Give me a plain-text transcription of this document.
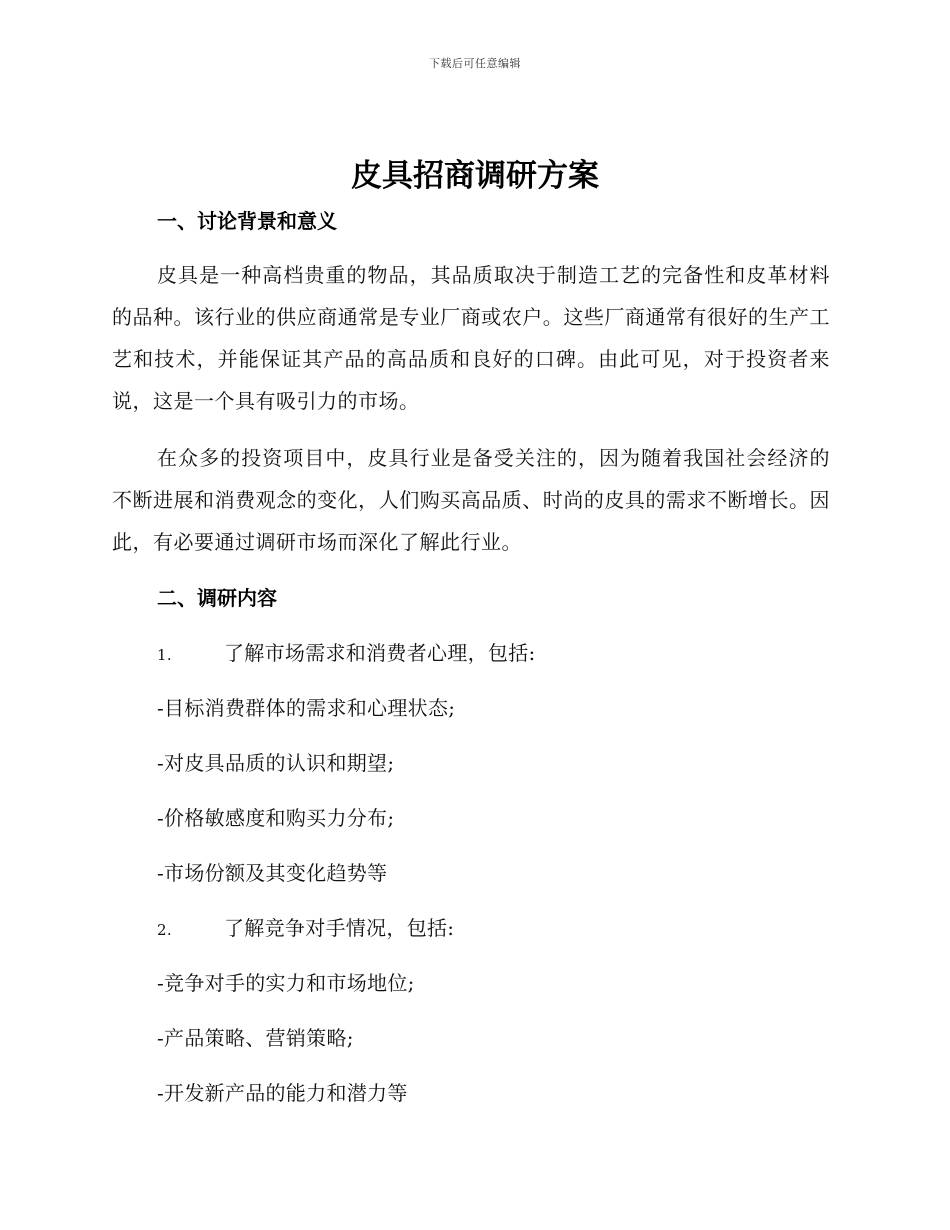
下载后可任意编辑
皮具招商调研方案
一、讨论背景和意义

皮具是一种高档贵重的物品，其品质取决于制造工艺的完备性和皮革材料的品种。该行业的供应商通常是专业厂商或农户。这些厂商通常有很好的生产工艺和技术，并能保证其产品的高品质和良好的口碑。由此可见，对于投资者来说，这是一个具有吸引力的市场。

在众多的投资项目中，皮具行业是备受关注的，因为随着我国社会经济的不断进展和消费观念的变化，人们购买高品质、时尚的皮具的需求不断增长。因此，有必要通过调研市场而深化了解此行业。

二、调研内容

1.	了解市场需求和消费者心理，包括:

-目标消费群体的需求和心理状态;

-对皮具品质的认识和期望;

-价格敏感度和购买力分布;

-市场份额及其变化趋势等

2.	了解竞争对手情况，包括:

-竞争对手的实力和市场地位;

-产品策略、营销策略;

-开发新产品的能力和潜力等
